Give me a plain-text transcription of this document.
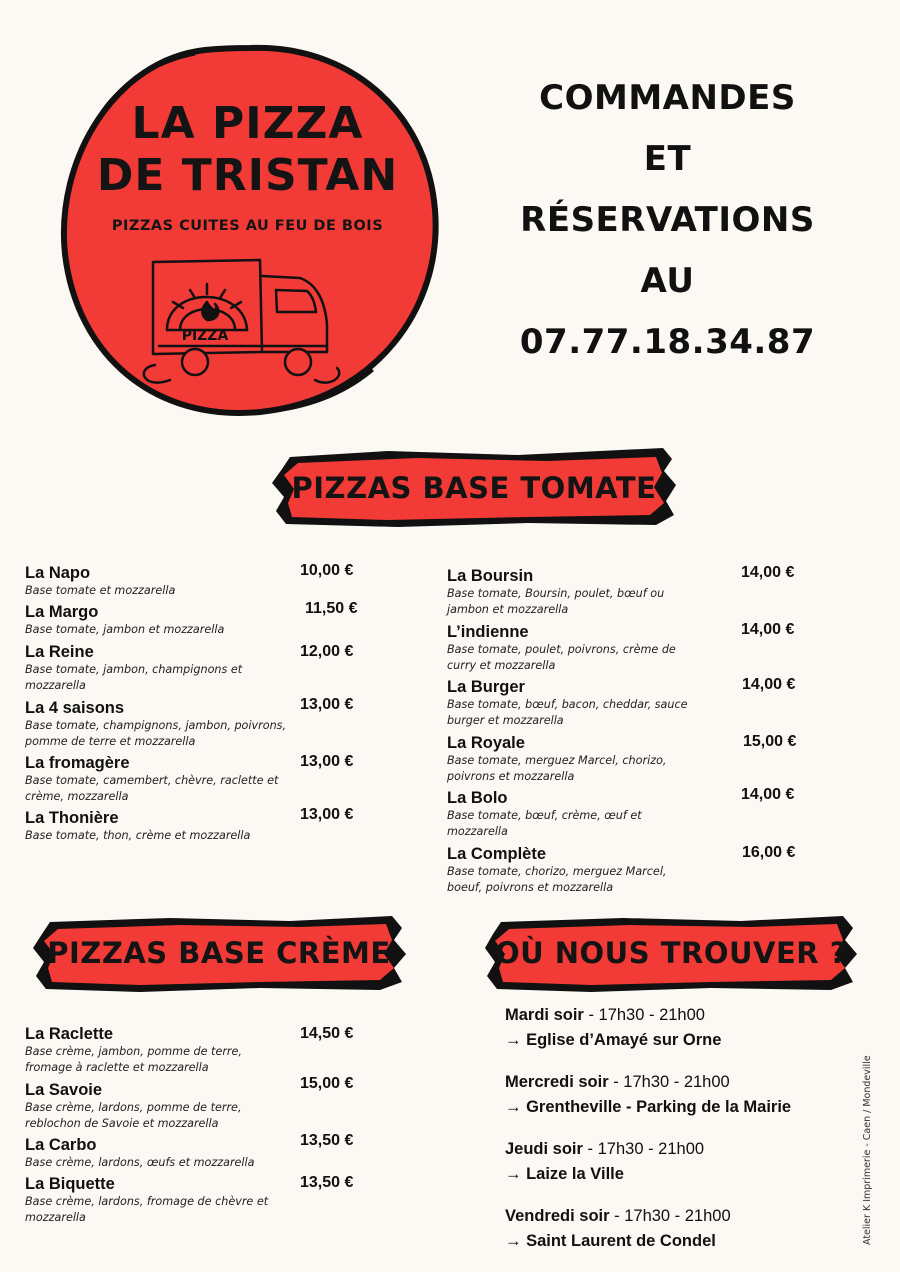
PIZZA
LA PIZZA
DE TRISTAN
PIZZAS CUITES AU FEU DE BOIS
COMMANDES
ET
RÉSERVATIONS
AU
07.77.18.34.87
PIZZAS BASE TOMATE
La Napo
Base tomate et mozzarella
10,00 €
La Margo
Base tomate, jambon et mozzarella
11,50 €
La Reine
Base tomate, jambon, champignons et mozzarella
12,00 €
La 4 saisons
Base tomate, champignons, jambon, poivrons, pomme de terre et mozzarella
13,00 €
La fromagère
Base tomate, camembert, chèvre, raclette et crème, mozzarella
13,00 €
La Thonière
Base tomate, thon, crème et mozzarella
13,00 €
La Boursin
Base tomate, Boursin, poulet, bœuf ou jambon et mozzarella
14,00 €
L’indienne
Base tomate, poulet, poivrons, crème de curry et mozzarella
14,00 €
La Burger
Base tomate, bœuf, bacon, cheddar, sauce burger et mozzarella
14,00 €
La Royale
Base tomate, merguez Marcel, chorizo, poivrons et mozzarella
15,00 €
La Bolo
Base tomate, bœuf, crème, œuf et mozzarella
14,00 €
La Complète
Base tomate, chorizo, merguez Marcel, boeuf, poivrons et mozzarella
16,00 €
PIZZAS BASE CRÈME
La Raclette
Base crème, jambon, pomme de terre, fromage à raclette et mozzarella
14,50 €
La Savoie
Base crème, lardons, pomme de terre, reblochon de Savoie et mozzarella
15,00 €
La Carbo
Base crème, lardons, œufs et mozzarella
13,50 €
La Biquette
Base crème, lardons, fromage de chèvre et mozzarella
13,50 €
OÙ NOUS TROUVER ?
Mardi soir - 17h30 - 21h00
→ Eglise d’Amayé sur Orne
Mercredi soir - 17h30 - 21h00
→ Grentheville - Parking de la Mairie
Jeudi soir - 17h30 - 21h00
→ Laize la Ville
Vendredi soir - 17h30 - 21h00
→ Saint Laurent de Condel	Atelier K Imprimerie - Caen / Mondeville
